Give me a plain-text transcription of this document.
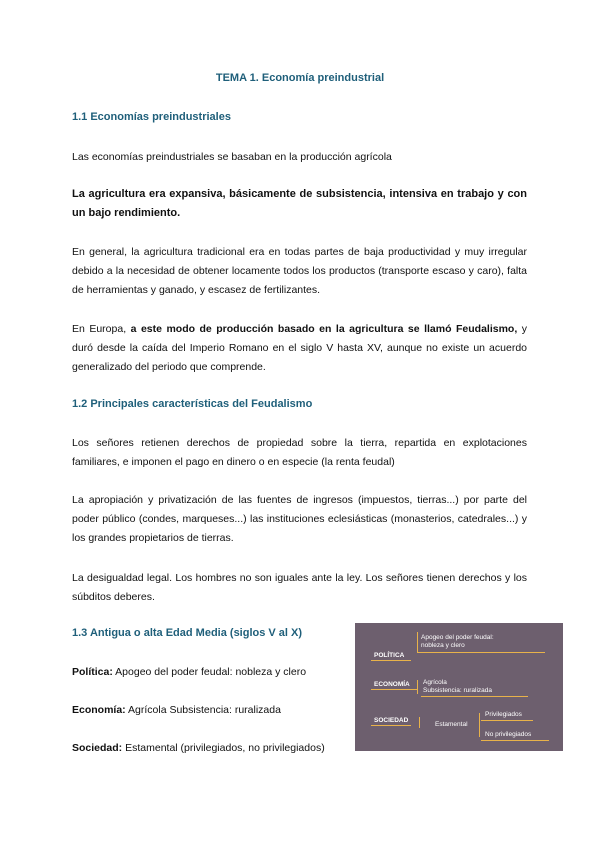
TEMA 1. Economía preindustrial
1.1 Economías preindustriales
Las economías preindustriales se basaban en la producción agrícola
La agricultura era expansiva, básicamente de subsistencia, intensiva en trabajo y con un bajo rendimiento.
En general, la agricultura tradicional era en todas partes de baja productividad y muy irregular debido a la necesidad de obtener locamente todos los productos (transporte escaso y caro), falta de herramientas y ganado, y escasez de fertilizantes.
En Europa, a este modo de producción basado en la agricultura se llamó Feudalismo, y duró desde la caída del Imperio Romano en el siglo V hasta XV, aunque no existe un acuerdo generalizado del periodo que comprende.
1.2 Principales características del Feudalismo
Los señores retienen derechos de propiedad sobre la tierra, repartida en explotaciones familiares, e imponen el pago en dinero o en especie (la renta feudal)
La apropiación y privatización de las fuentes de ingresos (impuestos, tierras...) por parte del poder público (condes, marqueses...) las instituciones eclesiásticas (monasterios, catedrales...) y los grandes propietarios de tierras.
La desigualdad legal. Los hombres no son iguales ante la ley. Los señores tienen derechos y los súbditos deberes.
1.3 Antigua o alta Edad Media (siglos V al X)
Política: Apogeo del poder feudal: nobleza y clero
Economía: Agrícola Subsistencia: ruralizada
Sociedad: Estamental (privilegiados, no privilegiados)
Apogeo del poder feudal:
nobleza y clero
POLÍTICA
ECONOMÍA Agrícola
Subsistencia: ruralizada
SOCIEDAD
Estamental
Privilegiados
No privilegiados
